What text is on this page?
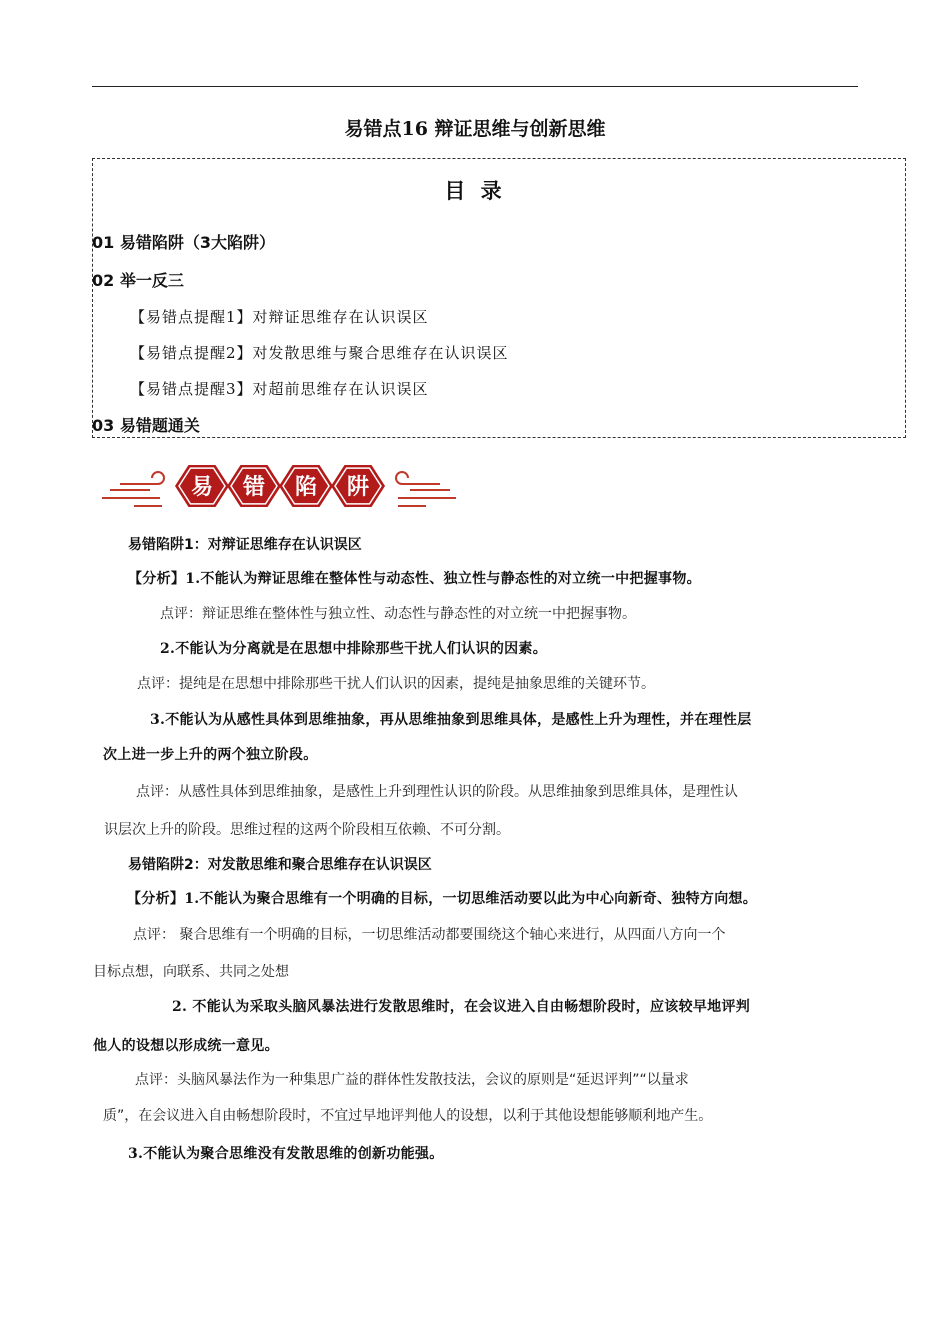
易错点16 辩证思维与创新思维
目 录
01 易错陷阱（3大陷阱）
02 举一反三
【易错点提醒1】对辩证思维存在认识误区
【易错点提醒2】对发散思维与聚合思维存在认识误区
【易错点提醒3】对超前思维存在认识误区
03 易错题通关
易 错 陷 阱
易错陷阱1：对辩证思维存在认识误区
【分析】1.不能认为辩证思维在整体性与动态性、独立性与静态性的对立统一中把握事物。
点评：辩证思维在整体性与独立性、动态性与静态性的对立统一中把握事物。
2.不能认为分离就是在思想中排除那些干扰人们认识的因素。
点评：提纯是在思想中排除那些干扰人们认识的因素，提纯是抽象思维的关键环节。
3.不能认为从感性具体到思维抽象，再从思维抽象到思维具体，是感性上升为理性，并在理性层
次上进一步上升的两个独立阶段。
点评：从感性具体到思维抽象，是感性上升到理性认识的阶段。从思维抽象到思维具体，是理性认
识层次上升的阶段。思维过程的这两个阶段相互依赖、不可分割。
易错陷阱2：对发散思维和聚合思维存在认识误区
【分析】1.不能认为聚合思维有一个明确的目标，一切思维活动要以此为中心向新奇、独特方向想。
点评： 聚合思维有一个明确的目标，一切思维活动都要围绕这个轴心来进行，从四面八方向一个
目标点想，向联系、共同之处想
2. 不能认为采取头脑风暴法进行发散思维时，在会议进入自由畅想阶段时，应该较早地评判
他人的设想以形成统一意见。
点评：头脑风暴法作为一种集思广益的群体性发散技法，会议的原则是“延迟评判”“以量求
质”，在会议进入自由畅想阶段时，不宜过早地评判他人的设想，以利于其他设想能够顺利地产生。
3.不能认为聚合思维没有发散思维的创新功能强。
